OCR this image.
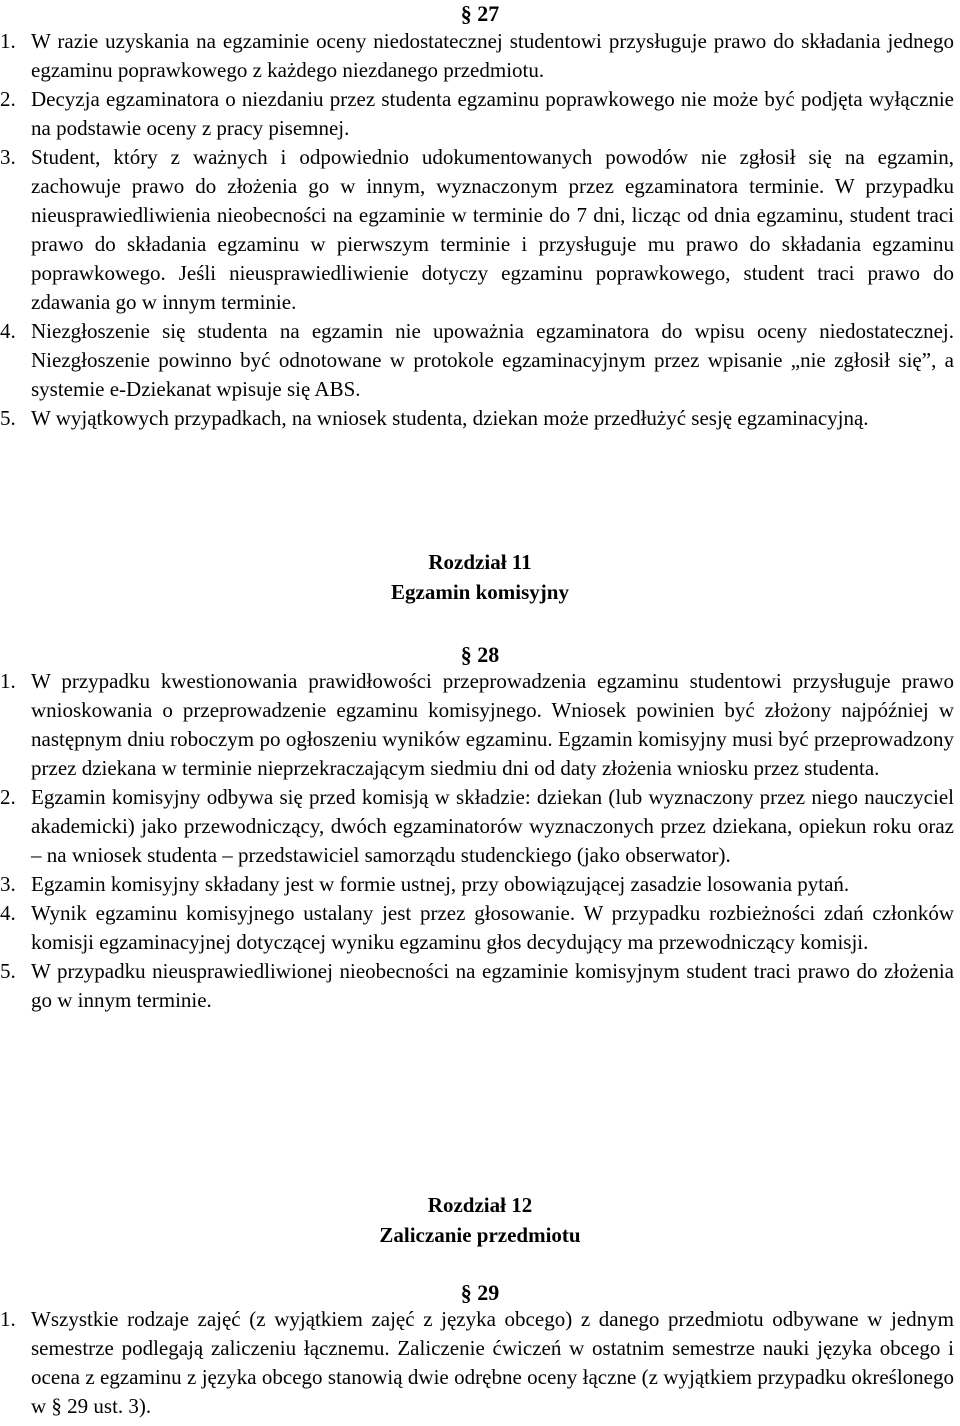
§ 27
1. W razie uzyskania na egzaminie oceny niedostatecznej studentowi przysługuje prawo do składania jednego egzaminu poprawkowego z każdego niezdanego przedmiotu.
2. Decyzja egzaminatora o niezdaniu przez studenta egzaminu poprawkowego nie może być podjęta wyłącznie na podstawie oceny z pracy pisemnej.
3. Student, który z ważnych i odpowiednio udokumentowanych powodów nie zgłosił się na egzamin, zachowuje prawo do złożenia go w innym, wyznaczonym przez egzaminatora terminie. W przypadku nieusprawiedliwienia nieobecności na egzaminie w terminie do 7 dni, licząc od dnia egzaminu, student traci prawo do składania egzaminu w pierwszym terminie i przysługuje mu prawo do składania egzaminu poprawkowego. Jeśli nieusprawiedliwienie dotyczy egzaminu poprawkowego, student traci prawo do zdawania go w innym terminie.
4. Niezgłoszenie się studenta na egzamin nie upoważnia egzaminatora do wpisu oceny niedostatecznej. Niezgłoszenie powinno być odnotowane w protokole egzaminacyjnym przez wpisanie „nie zgłosił się”, a systemie e-Dziekanat wpisuje się ABS.
5. W wyjątkowych przypadkach, na wniosek studenta, dziekan może przedłużyć sesję egzaminacyjną.
Rozdział 11
Egzamin komisyjny
§ 28
1. W przypadku kwestionowania prawidłowości przeprowadzenia egzaminu studentowi przysługuje prawo wnioskowania o przeprowadzenie egzaminu komisyjnego. Wniosek powinien być złożony najpóźniej w następnym dniu roboczym po ogłoszeniu wyników egzaminu. Egzamin komisyjny musi być przeprowadzony przez dziekana w terminie nieprzekraczającym siedmiu dni od daty złożenia wniosku przez studenta.
2. Egzamin komisyjny odbywa się przed komisją w składzie: dziekan (lub wyznaczony przez niego nauczyciel akademicki) jako przewodniczący, dwóch egzaminatorów wyznaczonych przez dziekana, opiekun roku oraz – na wniosek studenta – przedstawiciel samorządu studenckiego (jako obserwator).
3. Egzamin komisyjny składany jest w formie ustnej, przy obowiązującej zasadzie losowania pytań.
4. Wynik egzaminu komisyjnego ustalany jest przez głosowanie. W przypadku rozbieżności zdań członków komisji egzaminacyjnej dotyczącej wyniku egzaminu głos decydujący ma przewodniczący komisji.
5. W przypadku nieusprawiedliwionej nieobecności na egzaminie komisyjnym student traci prawo do złożenia go w innym terminie.
Rozdział 12
Zaliczanie przedmiotu
§ 29
1. Wszystkie rodzaje zajęć (z wyjątkiem zajęć z języka obcego) z danego przedmiotu odbywane w jednym semestrze podlegają zaliczeniu łącznemu. Zaliczenie ćwiczeń w ostatnim semestrze nauki języka obcego i ocena z egzaminu z języka obcego stanowią dwie odrębne oceny łączne (z wyjątkiem przypadku określonego w § 29 ust. 3).
